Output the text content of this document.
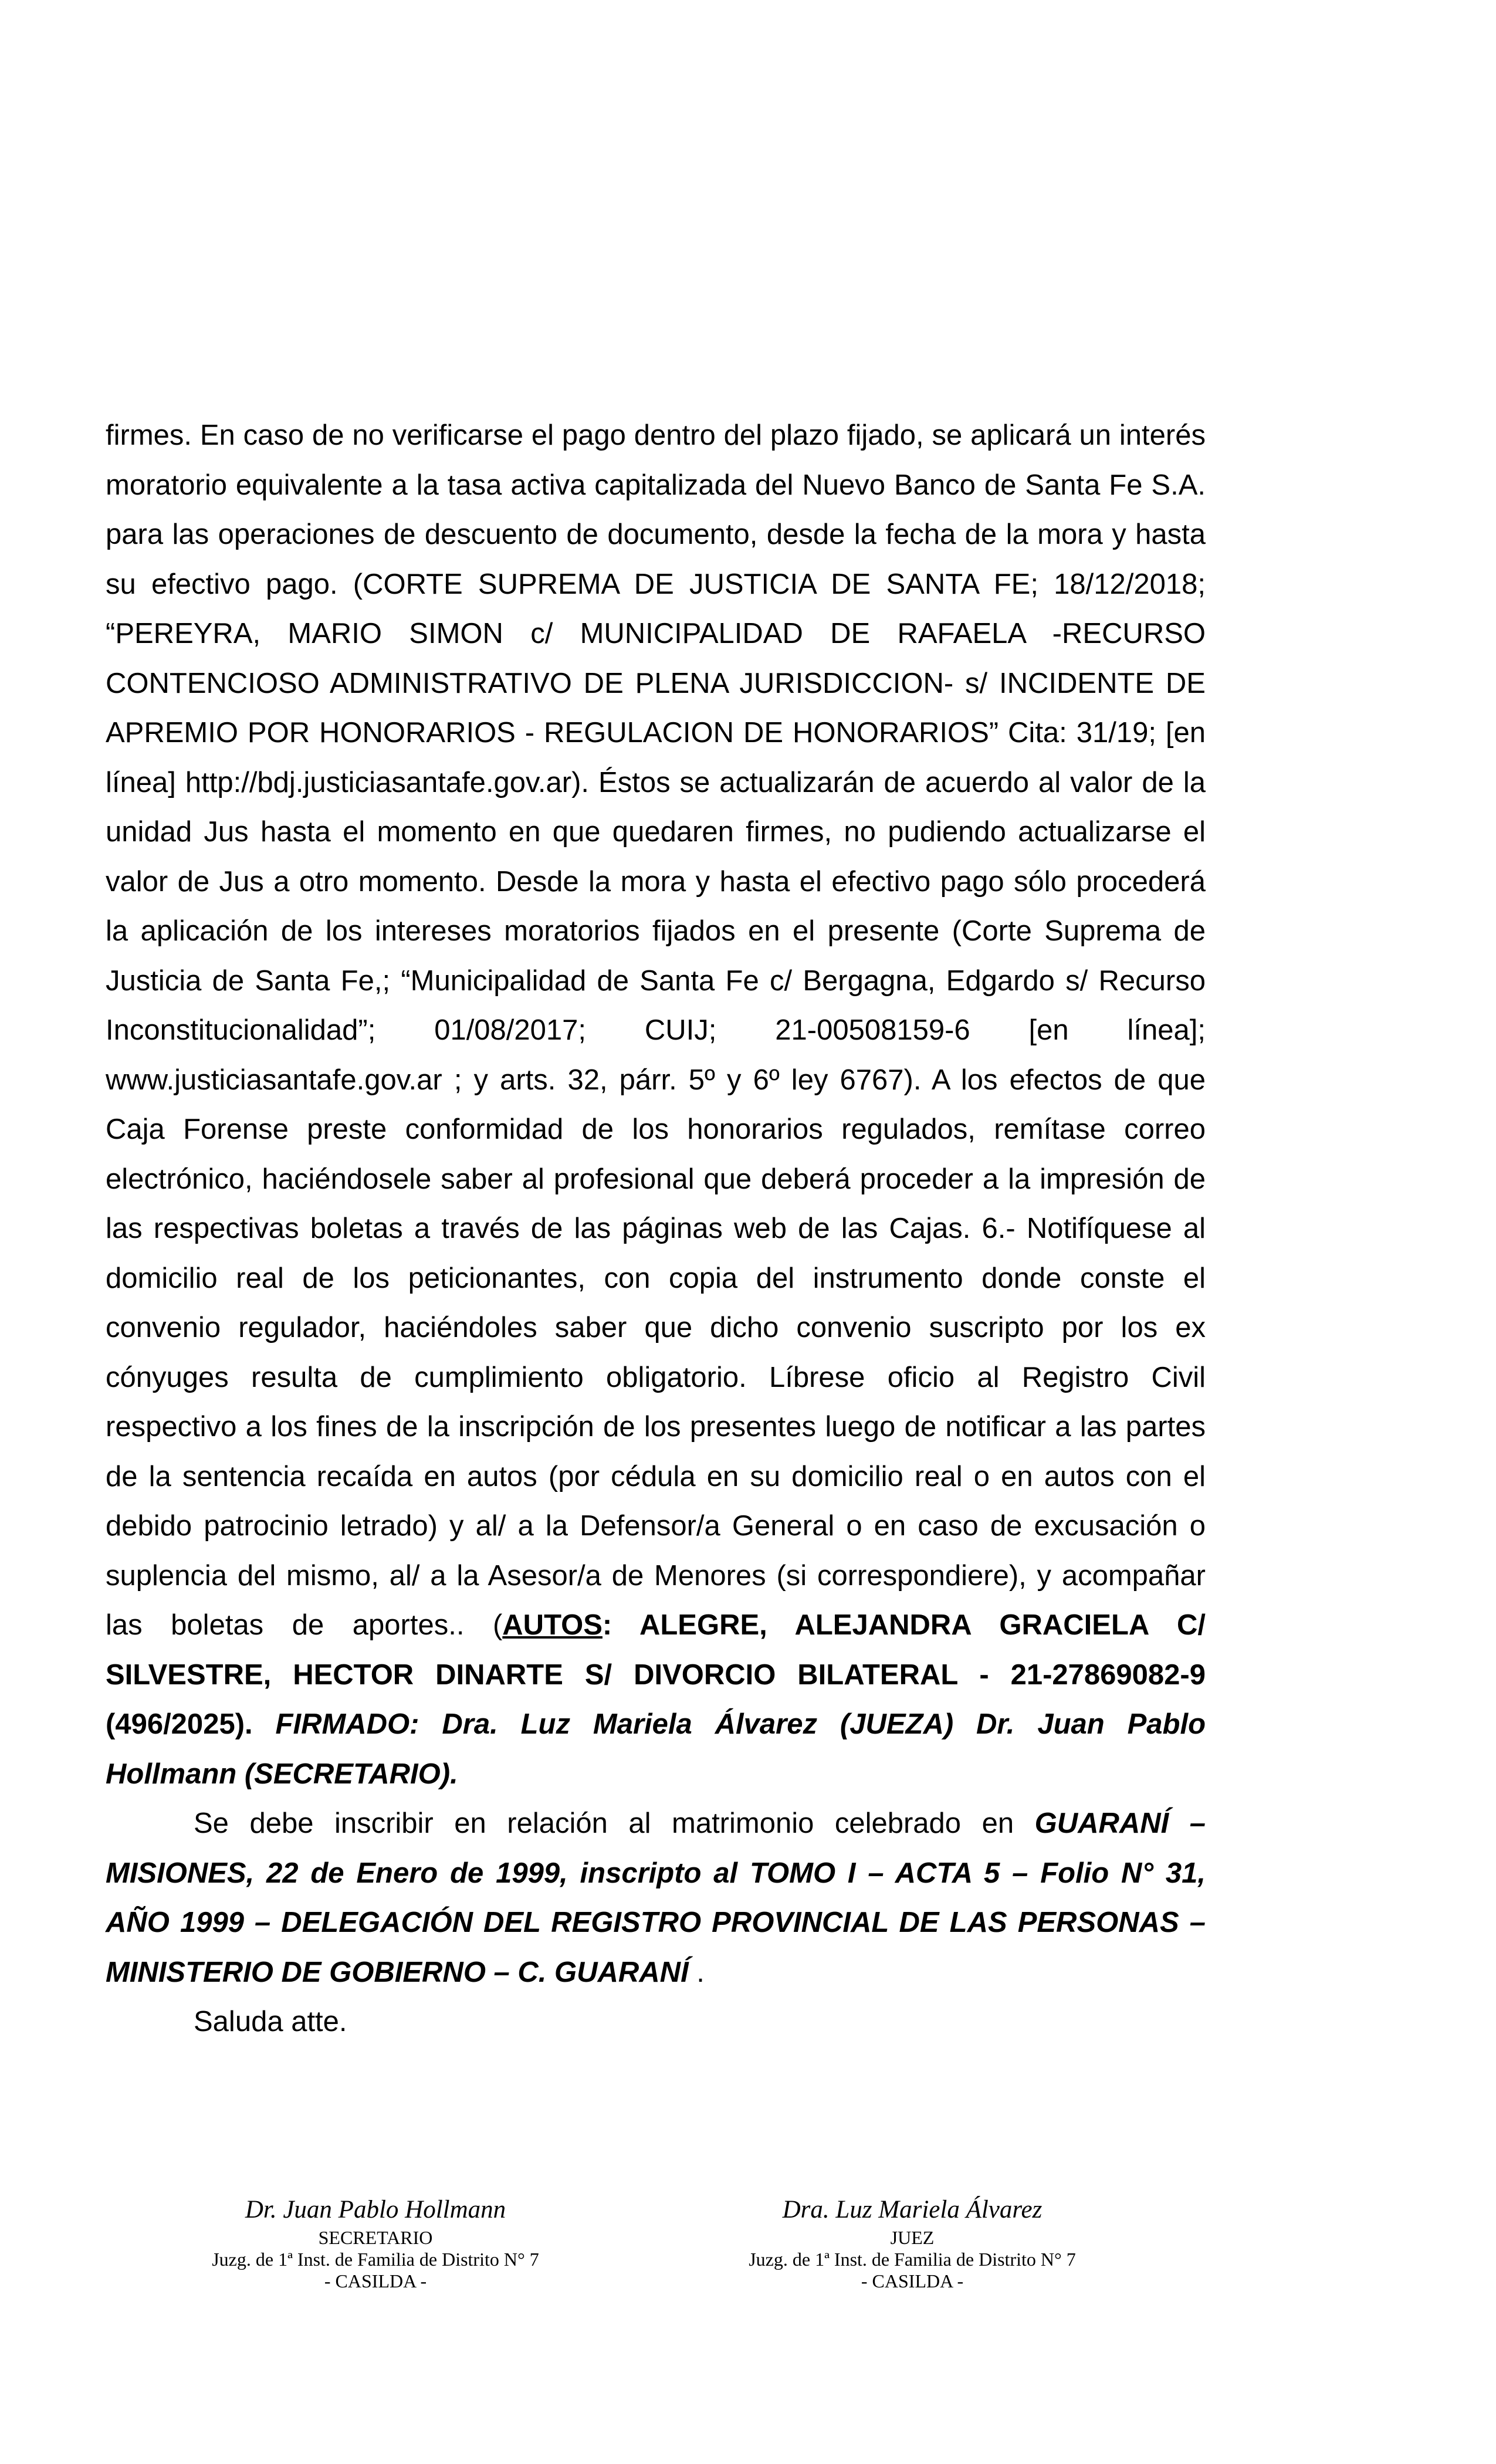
firmes. En caso de no verificarse el pago dentro del plazo fijado, se aplicará un interés moratorio equivalente a la tasa activa capitalizada del Nuevo Banco de Santa Fe S.A. para las operaciones de descuento de documento, desde la fecha de la mora y hasta su efectivo pago. (CORTE SUPREMA DE JUSTICIA DE SANTA FE; 18/12/2018; “PEREYRA, MARIO SIMON c/ MUNICIPALIDAD DE RAFAELA -RECURSO CONTENCIOSO ADMINISTRATIVO DE PLENA JURISDICCION- s/ INCIDENTE DE APREMIO POR HONORARIOS - REGULACION DE HONORARIOS” Cita: 31/19; [en línea] http://bdj.justiciasantafe.gov.ar). Éstos se actualizarán de acuerdo al valor de la unidad Jus hasta el momento en que quedaren firmes, no pudiendo actualizarse el valor de Jus a otro momento. Desde la mora y hasta el efectivo pago sólo procederá la aplicación de los intereses moratorios fijados en el presente (Corte Suprema de Justicia de Santa Fe,; “Municipalidad de Santa Fe c/ Bergagna, Edgardo s/ Recurso Inconstitucionalidad”; 01/08/2017; CUIJ; 21-00508159-6 [en línea]; www.justiciasantafe.gov.ar ; y arts. 32, párr. 5º y 6º ley 6767). A los efectos de que Caja Forense preste conformidad de los honorarios regulados, remítase correo electrónico, haciéndosele saber al profesional que deberá proceder a la impresión de las respectivas boletas a través de las páginas web de las Cajas. 6.- Notifíquese al domicilio real de los peticionantes, con copia del instrumento donde conste el convenio regulador, haciéndoles saber que dicho convenio suscripto por los ex cónyuges resulta de cumplimiento obligatorio. Líbrese oficio al Registro Civil respectivo a los fines de la inscripción de los presentes luego de notificar a las partes de la sentencia recaída en autos (por cédula en su domicilio real o en autos con el debido patrocinio letrado) y al/ a la Defensor/a General o en caso de excusación o suplencia del mismo, al/ a la Asesor/a de Menores (si correspondiere), y acompañar las boletas de aportes.. (AUTOS: ALEGRE, ALEJANDRA GRACIELA C/ SILVESTRE, HECTOR DINARTE S/ DIVORCIO BILATERAL - 21-27869082-9 (496/2025). FIRMADO: Dra. Luz Mariela Álvarez (JUEZA) Dr. Juan Pablo Hollmann (SECRETARIO).

Se debe inscribir en relación al matrimonio celebrado en GUARANÍ – MISIONES, 22 de Enero de 1999, inscripto al TOMO I – ACTA 5 – Folio N° 31, AÑO 1999 – DELEGACIÓN DEL REGISTRO PROVINCIAL DE LAS PERSONAS – MINISTERIO DE GOBIERNO – C. GUARANÍ .

Saluda atte.

Dr. Juan Pablo Hollmann
SECRETARIO
Juzg. de 1ª Inst. de Familia de Distrito N° 7
- CASILDA -
Dra. Luz Mariela Álvarez
JUEZ
Juzg. de 1ª Inst. de Familia de Distrito N° 7
- CASILDA -
